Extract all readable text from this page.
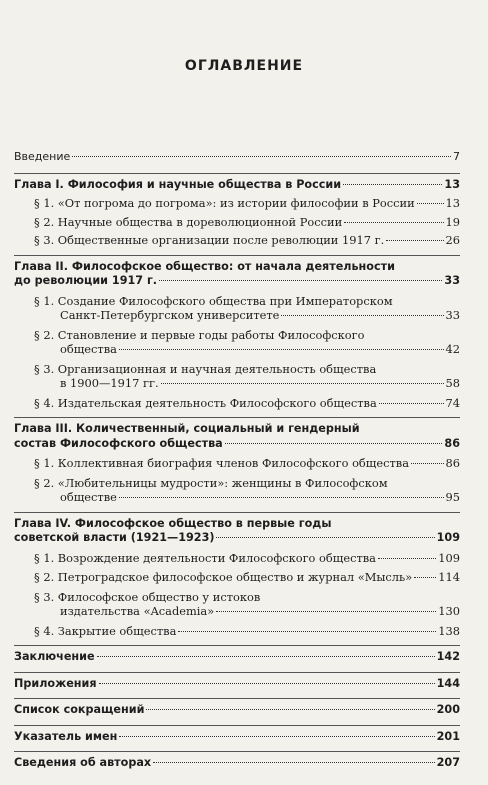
ОГЛАВЛЕНИЕ
Введение	7
Глава I. Философия и научные общества в России	13
§ 1. «От погрома до погрома»: из истории философии в России	13
§ 2. Научные общества в дореволюционной России	19
§ 3. Общественные организации после революции 1917 г.	26
Глава II. Философское общество: от начала деятельности
до революции 1917 г.	33
§ 1. Создание Философского общества при Императорском
Санкт-Петербургском университете	33
§ 2. Становление и первые годы работы Философского
общества	42
§ 3. Организационная и научная деятельность общества
в 1900—1917 гг.	58
§ 4. Издательская деятельность Философского общества	74
Глава III. Количественный, социальный и гендерный
состав Философского общества	86
§ 1. Коллективная биография членов Философского общества	86
§ 2. «Любительницы мудрости»: женщины в Философском
обществе	95
Глава IV. Философское общество в первые годы
советской власти (1921—1923)	109
§ 1. Возрождение деятельности Философского общества	109
§ 2. Петроградское философское общество и журнал «Мысль» 114
§ 3. Философское общество у истоков
издательства «Academia»	130
§ 4. Закрытие общества	138
Заключение	142
Приложения	144
Список сокращений	200
Указатель имен	201
Сведения об авторах	207
